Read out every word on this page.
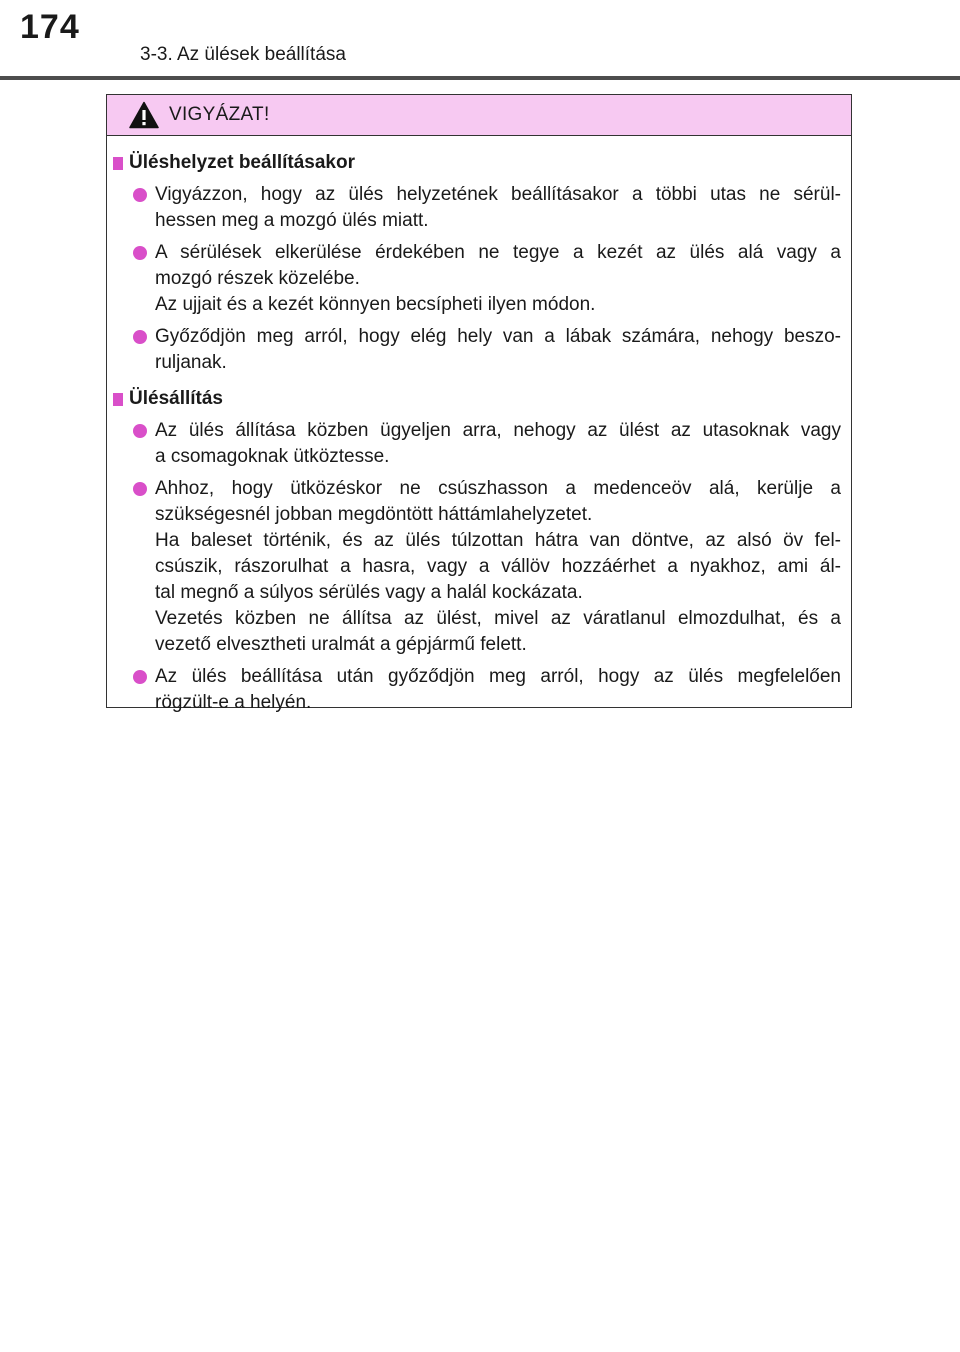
174
3-3. Az ülések beállítása
VIGYÁZAT!
Üléshelyzet beállításakor
Vigyázzon, hogy az ülés helyzetének beállításakor a többi utas ne sérül-
hessen meg a mozgó ülés miatt.
A sérülések elkerülése érdekében ne tegye a kezét az ülés alá vagy a
mozgó részek közelébe.
Az ujjait és a kezét könnyen becsípheti ilyen módon.
Győződjön meg arról, hogy elég hely van a lábak számára, nehogy beszo-
ruljanak.
Ülésállítás
Az ülés állítása közben ügyeljen arra, nehogy az ülést az utasoknak vagy
a csomagoknak ütköztesse.
Ahhoz, hogy ütközéskor ne csúszhasson a medenceöv alá, kerülje a
szükségesnél jobban megdöntött háttámlahelyzetet.
Ha baleset történik, és az ülés túlzottan hátra van döntve, az alsó öv fel-
csúszik, rászorulhat a hasra, vagy a vállöv hozzáérhet a nyakhoz, ami ál-
tal megnő a súlyos sérülés vagy a halál kockázata.
Vezetés közben ne állítsa az ülést, mivel az váratlanul elmozdulhat, és a
vezető elvesztheti uralmát a gépjármű felett.
Az ülés beállítása után győződjön meg arról, hogy az ülés megfelelően
rögzült-e a helyén.
